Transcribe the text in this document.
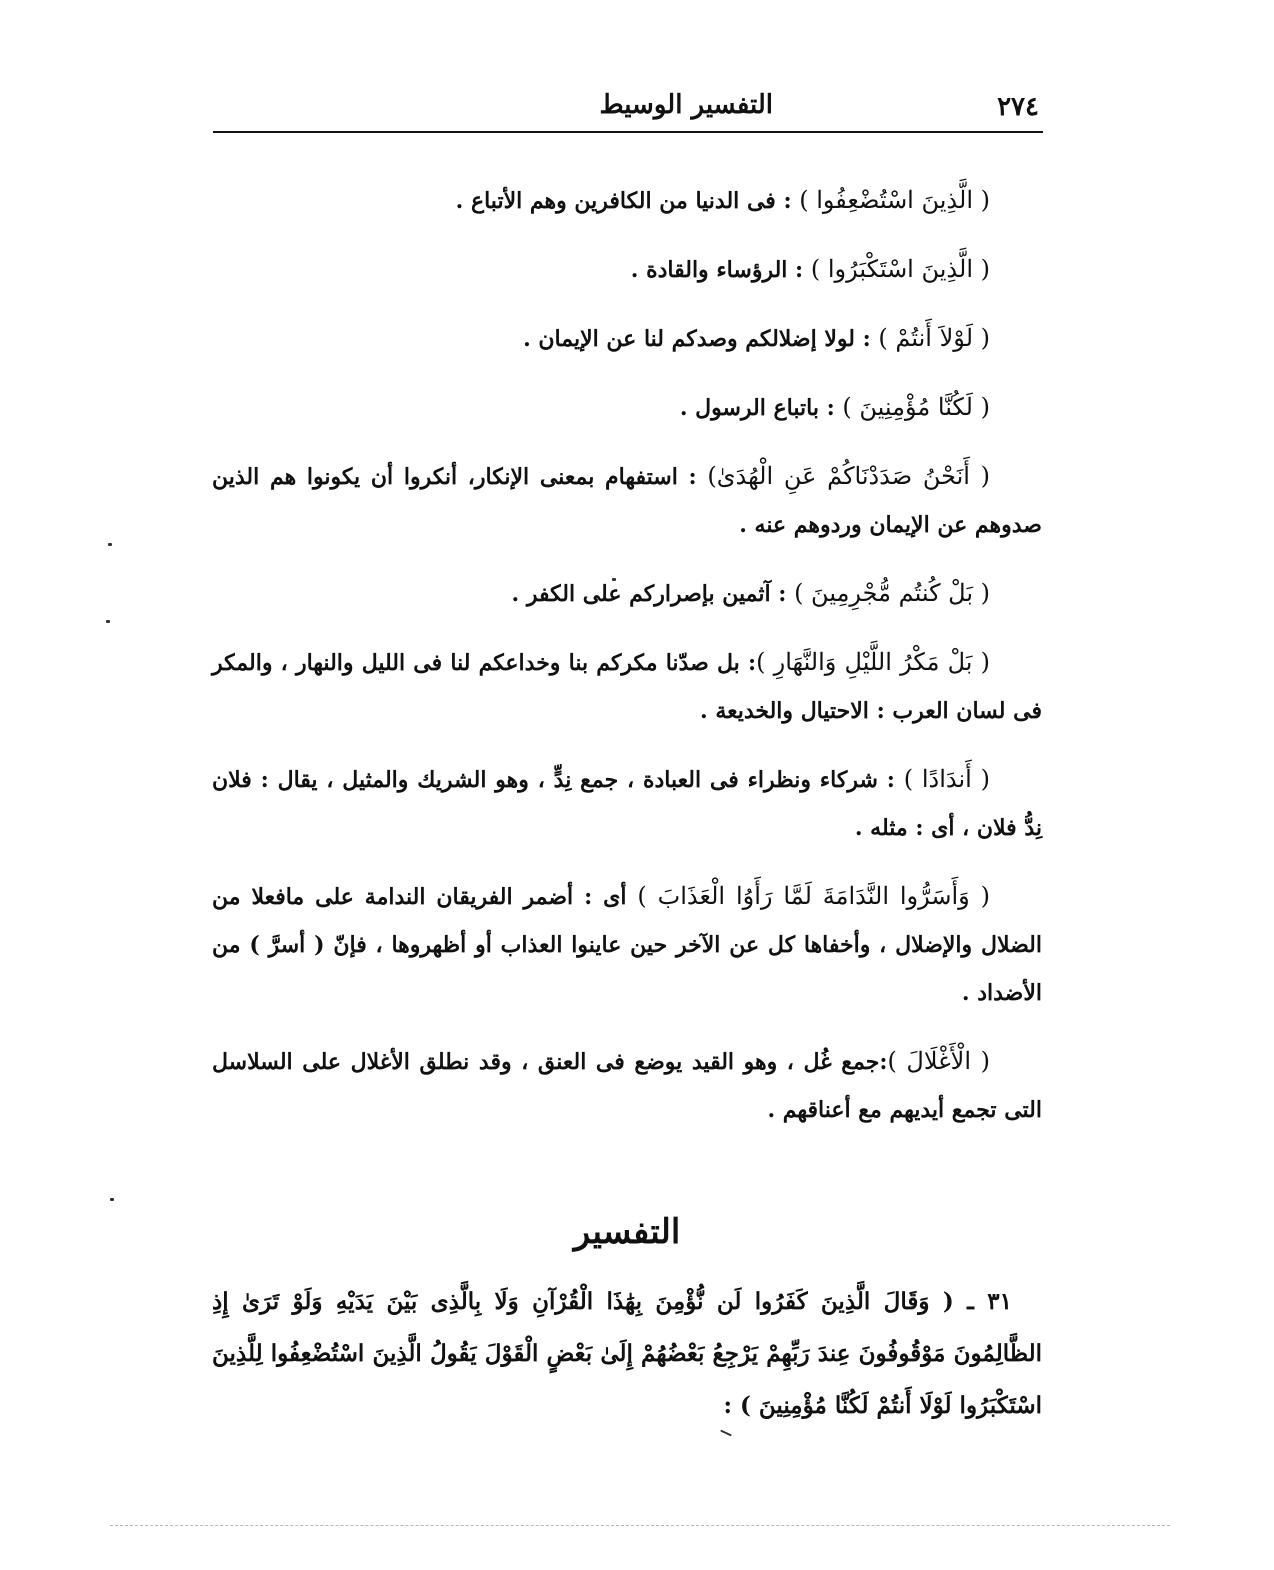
٢٧٤
التفسير الوسيط

( الَّذِينَ اسْتُضْعِفُوا ) : فى الدنيا من الكافرين وهم الأتباع .

( الَّذِينَ اسْتَكْبَرُوا ) : الرؤساء والقادة .

( لَوْلاَ أَنتُمْ ) : لولا إضلالكم وصدكم لنا عن الإيمان .

( لَكُنَّا مُؤْمِنِينَ ) : باتباع الرسول .

( أَنَحْنُ صَدَدْنَاكُمْ عَنِ الْهُدَىٰ) : استفهام بمعنى الإنكار، أنكروا أن يكونوا هم الذين صدوهم عن الإيمان وردوهم عنه .

( بَلْ كُنتُم مُّجْرِمِينَ ) : آثمين بإصراركم على الكفر .

( بَلْ مَكْرُ اللَّيْلِ وَالنَّهَارِ ): بل صدّنا مكركم بنا وخداعكم لنا فى الليل والنهار ، والمكر فى لسان العرب : الاحتيال والخديعة .

( أَندَادًا ) : شركاء ونظراء فى العبادة ، جمع نِدٍّ ، وهو الشريك والمثيل ، يقال : فلان نِدُّ فلان ، أى : مثله .

( وَأَسَرُّوا النَّدَامَةَ لَمَّا رَأَوُا الْعَذَابَ ) أى : أضمر الفريقان الندامة على مافعلا من الضلال والإضلال ، وأخفاها كل عن الآخر حين عاينوا العذاب أو أظهروها ، فإنّ ( أسرَّ ) من الأضداد .

( الْأَغْلَالَ ):جمع غُل ، وهو القيد يوضع فى العنق ، وقد نطلق الأغلال على السلاسل التى تجمع أيديهم مع أعناقهم .

التفسير
٣١ ـ ( وَقَالَ الَّذِينَ كَفَرُوا لَن نُّؤْمِنَ بِهَٰذَا الْقُرْآنِ وَلَا بِالَّذِى بَيْنَ يَدَيْهِ وَلَوْ تَرَىٰ إِذِ الظَّالِمُونَ مَوْقُوفُونَ عِندَ رَبِّهِمْ يَرْجِعُ بَعْضُهُمْ إِلَىٰ بَعْضٍ الْقَوْلَ يَقُولُ الَّذِينَ اسْتُضْعِفُوا لِلَّذِينَ اسْتَكْبَرُوا لَوْلَا أَنتُمْ لَكُنَّا مُؤْمِنِينَ ) :
